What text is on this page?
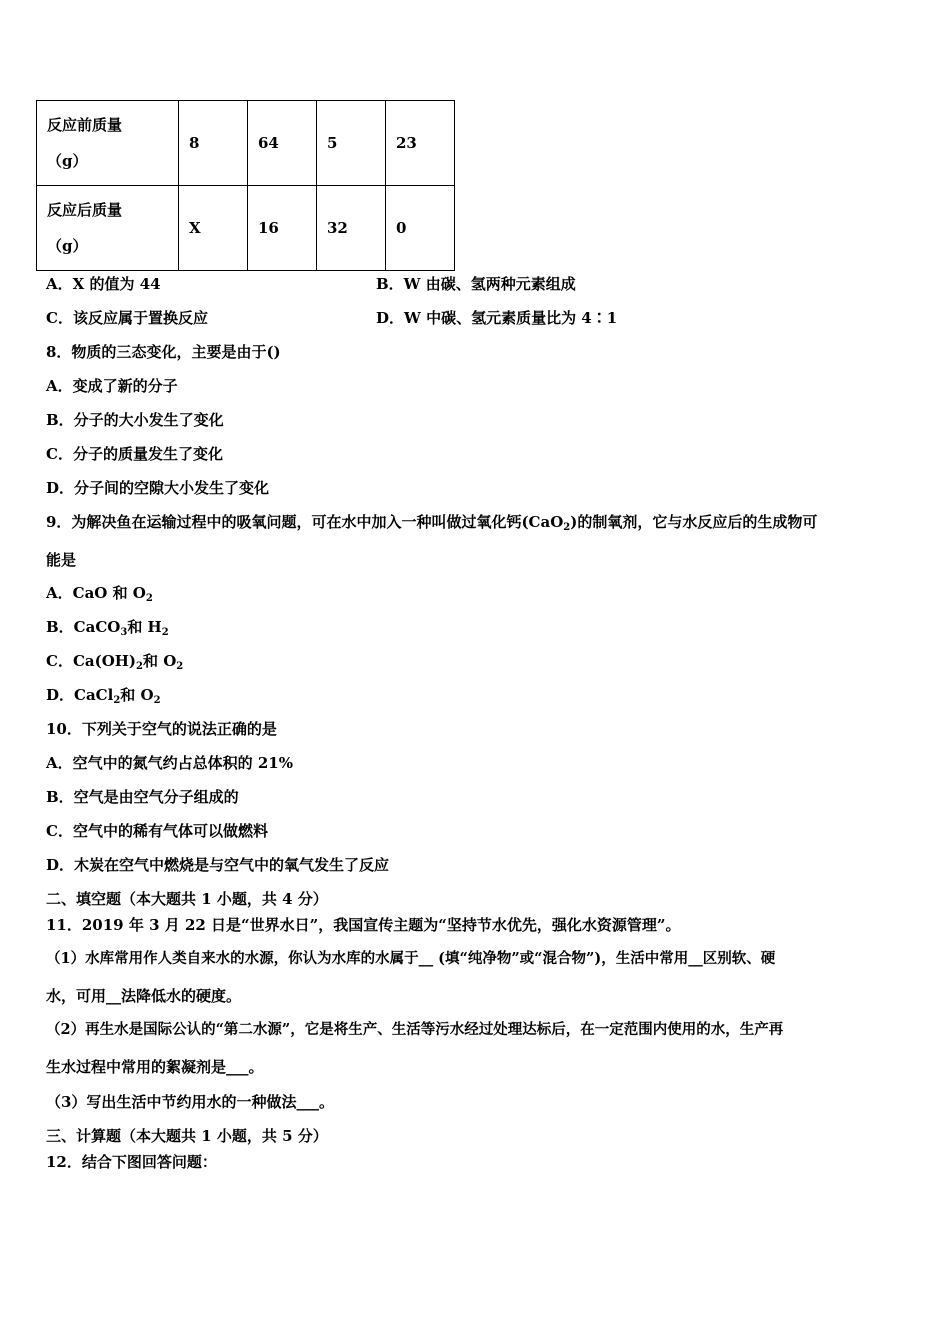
反应前质量
（g）	8	64	5	23

反应后质量
（g）	X	16	32	0
A．X 的值为 44	B．W 由碳、氢两种元素组成
C．该反应属于置换反应	D．W 中碳、氢元素质量比为 4∶1
8．物质的三态变化，主要是由于()
A．变成了新的分子
B．分子的大小发生了变化
C．分子的质量发生了变化
D．分子间的空隙大小发生了变化
9．为解决鱼在运输过程中的吸氧问题，可在水中加入一种叫做过氧化钙(CaO$_2$)的制氧剂，它与水反应后的生成物可
能是
A．CaO 和 $O_2$
B．CaCO$_3$和 $H_2$
C．$Ca(OH)_2$和 $O_2$
D．CaCl$_2$和 $O_2$
10．下列关于空气的说法正确的是
A．空气中的氮气约占总体积的 21%
B．空气是由空气分子组成的
C．空气中的稀有气体可以做燃料
D．木炭在空气中燃烧是与空气中的氧气发生了反应
二、填空题（本大题共 1 小题，共 4 分）
11．2019 年 3 月 22 日是“世界水日”，我国宣传主题为“坚持节水优先，强化水资源管理”。
（1）水库常用作人类自来水的水源，你认为水库的水属于__ (填“纯净物”或“混合物”)，生活中常用__区别软、硬
水，可用__法降低水的硬度。
（2）再生水是国际公认的“第二水源”，它是将生产、生活等污水经过处理达标后，在一定范围内使用的水，生产再
生水过程中常用的絮凝剂是___。
（3）写出生活中节约用水的一种做法___。
三、计算题（本大题共 1 小题，共 5 分）
12．结合下图回答问题：
